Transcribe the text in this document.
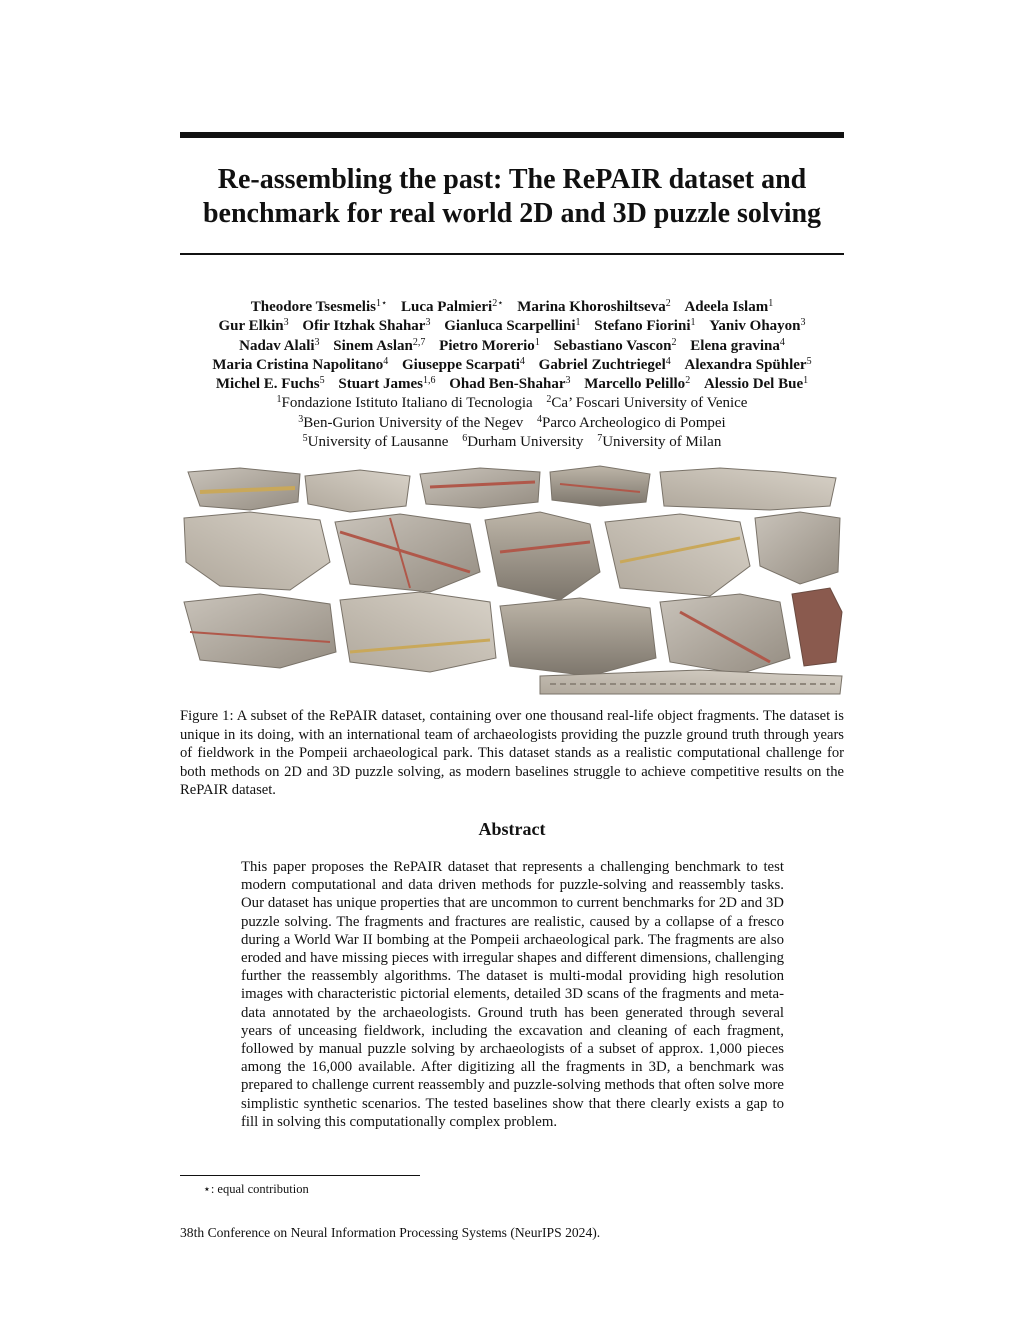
Re-assembling the past: The RePAIR dataset and
benchmark for real world 2D and 3D puzzle solving
Theodore Tsesmelis$^{1⋆}$ Luca Palmieri$^{2⋆}$ Marina Khoroshiltseva$^2$ Adeela Islam$^1$
Gur Elkin$^3$ Ofir Itzhak Shahar$^3$ Gianluca Scarpellini$^1$ Stefano Fiorini$^1$ Yaniv Ohayon$^3$
Nadav Alali$^3$ Sinem Aslan$^{2,7}$ Pietro Morerio$^1$ Sebastiano Vascon$^2$ Elena gravina$^4$
Maria Cristina Napolitano$^4$ Giuseppe Scarpati$^4$ Gabriel Zuchtriegel$^4$ Alexandra Spühler$^5$
Michel E. Fuchs$^5$ Stuart James$^{1,6}$ Ohad Ben-Shahar$^3$ Marcello Pelillo$^2$ Alessio Del Bue$^1$
$^1$Fondazione Istituto Italiano di Tecnologia $^2$Ca’ Foscari University of Venice
$^3$Ben-Gurion University of the Negev $^4$Parco Archeologico di Pompei
$^5$University of Lausanne $^6$Durham University $^7$University of Milan
Figure 1: A subset of the RePAIR dataset, containing over one thousand real-life object fragments. The dataset is unique in its doing, with an international team of archaeologists providing the puzzle ground truth through years of fieldwork in the Pompeii archaeological park. This dataset stands as a realistic computational challenge for both methods on 2D and 3D puzzle solving, as modern baselines struggle to achieve competitive results on the RePAIR dataset.
Abstract
This paper proposes the RePAIR dataset that represents a challenging benchmark to test modern computational and data driven methods for puzzle-solving and reassembly tasks. Our dataset has unique properties that are uncommon to current benchmarks for 2D and 3D puzzle solving. The fragments and fractures are realistic, caused by a collapse of a fresco during a World War II bombing at the Pompeii archaeological park. The fragments are also eroded and have missing pieces with irregular shapes and different dimensions, challenging further the reassembly algorithms. The dataset is multi-modal providing high resolution images with characteristic pictorial elements, detailed 3D scans of the fragments and meta-data annotated by the archaeologists. Ground truth has been generated through several years of unceasing fieldwork, including the excavation and cleaning of each fragment, followed by manual puzzle solving by archaeologists of a subset of approx. 1,000 pieces among the 16,000 available. After digitizing all the fragments in 3D, a benchmark was prepared to challenge current reassembly and puzzle-solving methods that often solve more simplistic synthetic scenarios. The tested baselines show that there clearly exists a gap to fill in solving this computationally complex problem.
⋆: equal contribution
38th Conference on Neural Information Processing Systems (NeurIPS 2024).
